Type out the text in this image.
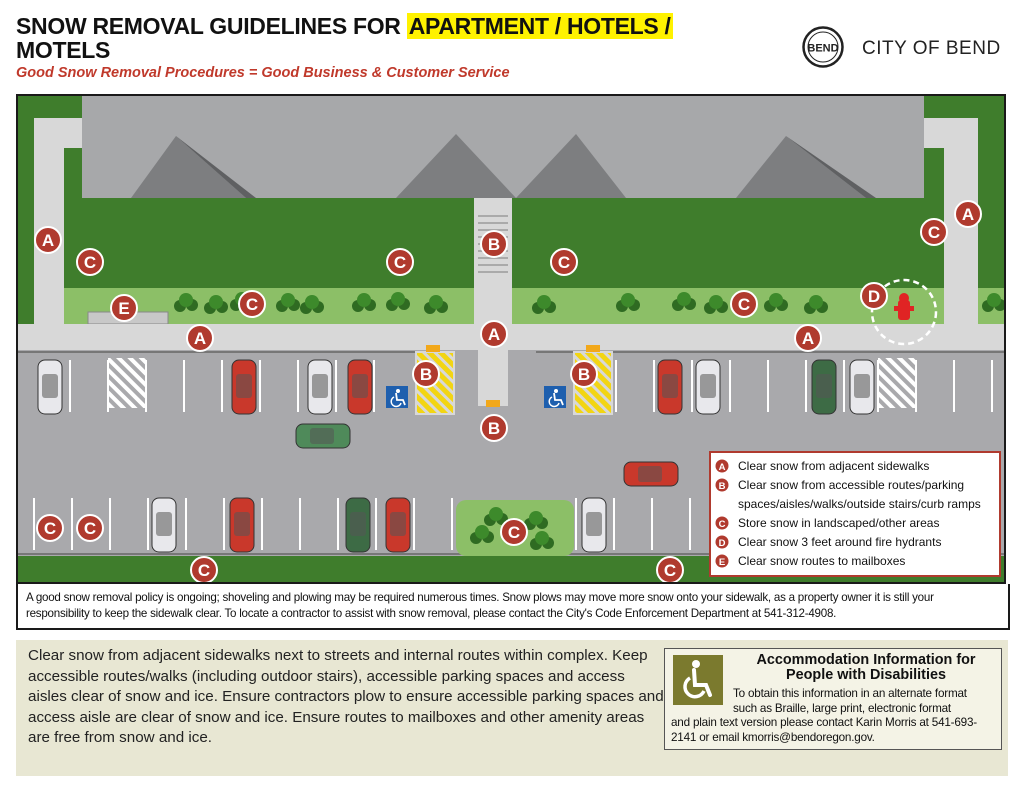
SNOW REMOVAL GUIDELINES FOR APARTMENT / HOTELS /
MOTELS
Good Snow Removal Procedures = Good Business & Customer Service
BEND CITY OF BEND
A
C
A
C
E
C
B
A
C
B
B
B
A
C
D
C
A
C C	C
C	C
A Clear snow from adjacent sidewalks
B Clear snow from accessible routes/parking
spaces/aisles/walks/outside stairs/curb ramps
C Store snow in landscaped/other areas
D Clear snow 3 feet around fire hydrants
E Clear snow routes to mailboxes
A good snow removal policy is ongoing; shoveling and plowing may be required numerous times. Snow plows may move more snow onto your sidewalk, as a property owner it is still your responsibility to keep the sidewalk clear. To locate a contractor to assist with snow removal, please contact the City's Code Enforcement Department at 541-312-4908.
Clear snow from adjacent sidewalks next to streets and internal routes within complex. Keep accessible routes/walks (including outdoor stairs), accessible parking spaces and access aisles clear of snow and ice. Ensure contractors plow to ensure accessible parking spaces and access aisle are clear of snow and ice. Ensure routes to mailboxes and other amenity areas are free from snow and ice.
Accommodation Information for
People with Disabilities
To obtain this information in an alternate format
such as Braille, large print, electronic format
and plain text version please contact Karin Morris at 541-693-2141 or email kmorris@bendoregon.gov.
